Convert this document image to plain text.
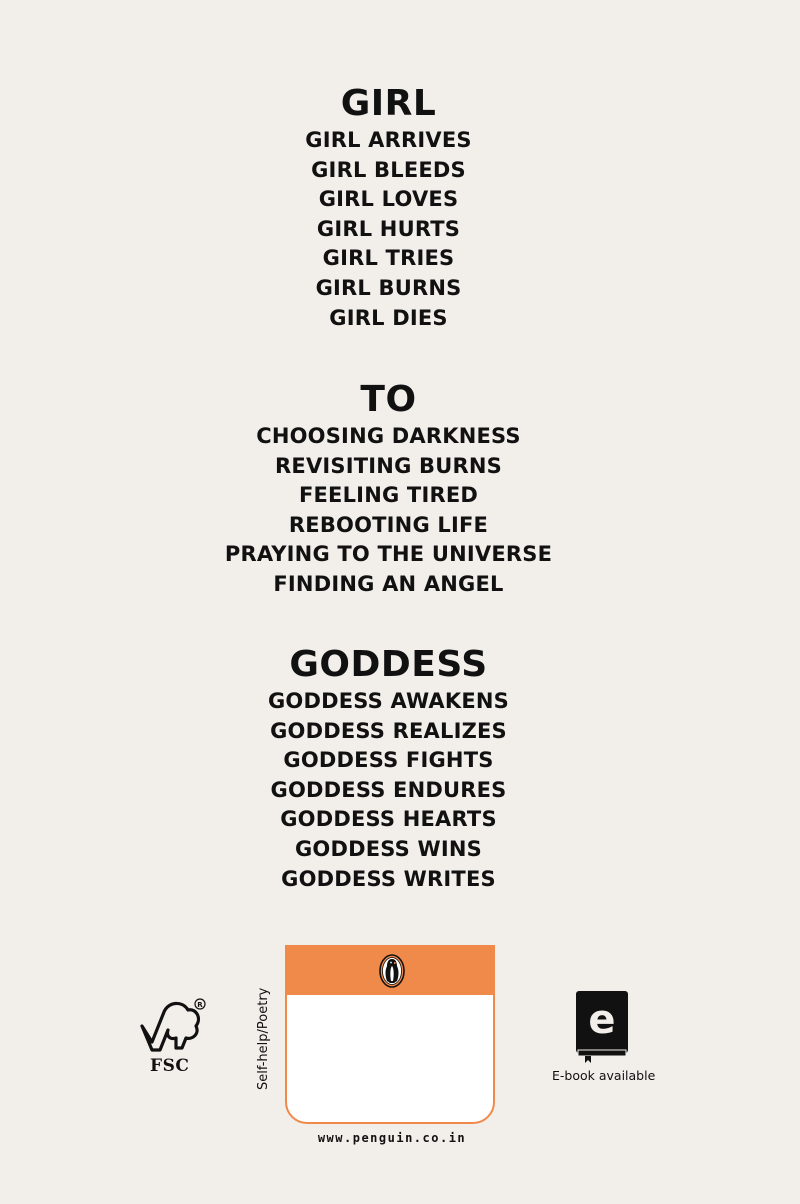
GIRL
GIRL ARRIVES
GIRL BLEEDS
GIRL LOVES
GIRL HURTS
GIRL TRIES
GIRL BURNS
GIRL DIES
TO
CHOOSING DARKNESS
REVISITING BURNS
FEELING TIRED
REBOOTING LIFE
PRAYING TO THE UNIVERSE
FINDING AN ANGEL
GODDESS
GODDESS AWAKENS
GODDESS REALIZES
GODDESS FIGHTS
GODDESS ENDURES
GODDESS HEARTS
GODDESS WINS
GODDESS WRITES
R
FSC	Self-help/Poetry
www.penguin.co.in
e
E-book available
